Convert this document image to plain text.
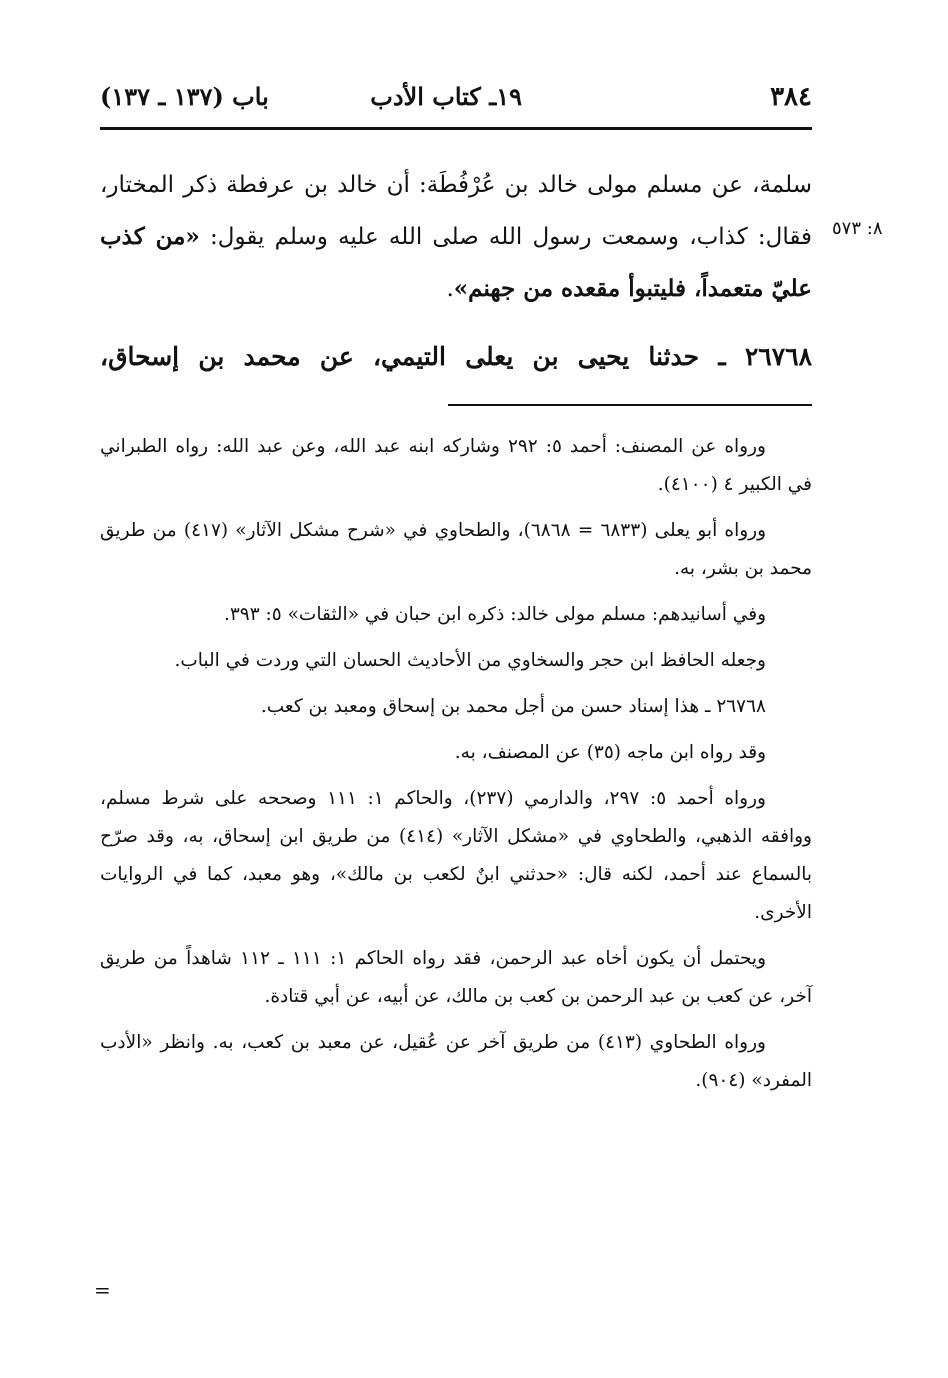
٣٨٤
١٩ـ كتاب الأدب
باب (١٣٧ ـ ١٣٧)
٨: ٥٧٣
سلمة، عن مسلم مولى خالد بن عُرْفُطَة: أن خالد بن عرفطة ذكر المختار، فقال: كذاب، وسمعت رسول الله صلى الله عليه وسلم يقول: «من كذب عليّ متعمداً، فليتبوأ مقعده من جهنم».
٢٦٧٦٨ ـ حدثنا يحيى بن يعلى التيمي، عن محمد بن إسحاق،

ورواه عن المصنف: أحمد ٥: ٢٩٢ وشاركه ابنه عبد الله، وعن عبد الله: رواه الطبراني في الكبير ٤ (٤١٠٠).

ورواه أبو يعلى (٦٨٣٣ = ٦٨٦٨)، والطحاوي في «شرح مشكل الآثار» (٤١٧) من طريق محمد بن بشر، به.

وفي أسانيدهم: مسلم مولى خالد: ذكره ابن حبان في «الثقات» ٥: ٣٩٣.

وجعله الحافظ ابن حجر والسخاوي من الأحاديث الحسان التي وردت في الباب.

٢٦٧٦٨ ـ هذا إسناد حسن من أجل محمد بن إسحاق ومعبد بن كعب.

وقد رواه ابن ماجه (٣٥) عن المصنف، به.

ورواه أحمد ٥: ٢٩٧، والدارمي (٢٣٧)، والحاكم ١: ١١١ وصححه على شرط مسلم، ووافقه الذهبي، والطحاوي في «مشكل الآثار» (٤١٤) من طريق ابن إسحاق، به، وقد صرّح بالسماع عند أحمد، لكنه قال: «حدثني ابنٌ لكعب بن مالك»، وهو معبد، كما في الروايات الأخرى.

ويحتمل أن يكون أخاه عبد الرحمن، فقد رواه الحاكم ١: ١١١ ـ ١١٢ شاهداً من طريق آخر، عن كعب بن عبد الرحمن بن كعب بن مالك، عن أبيه، عن أبي قتادة.

ورواه الطحاوي (٤١٣) من طريق آخر عن عُقيل، عن معبد بن كعب، به. وانظر «الأدب المفرد» (٩٠٤).

=
